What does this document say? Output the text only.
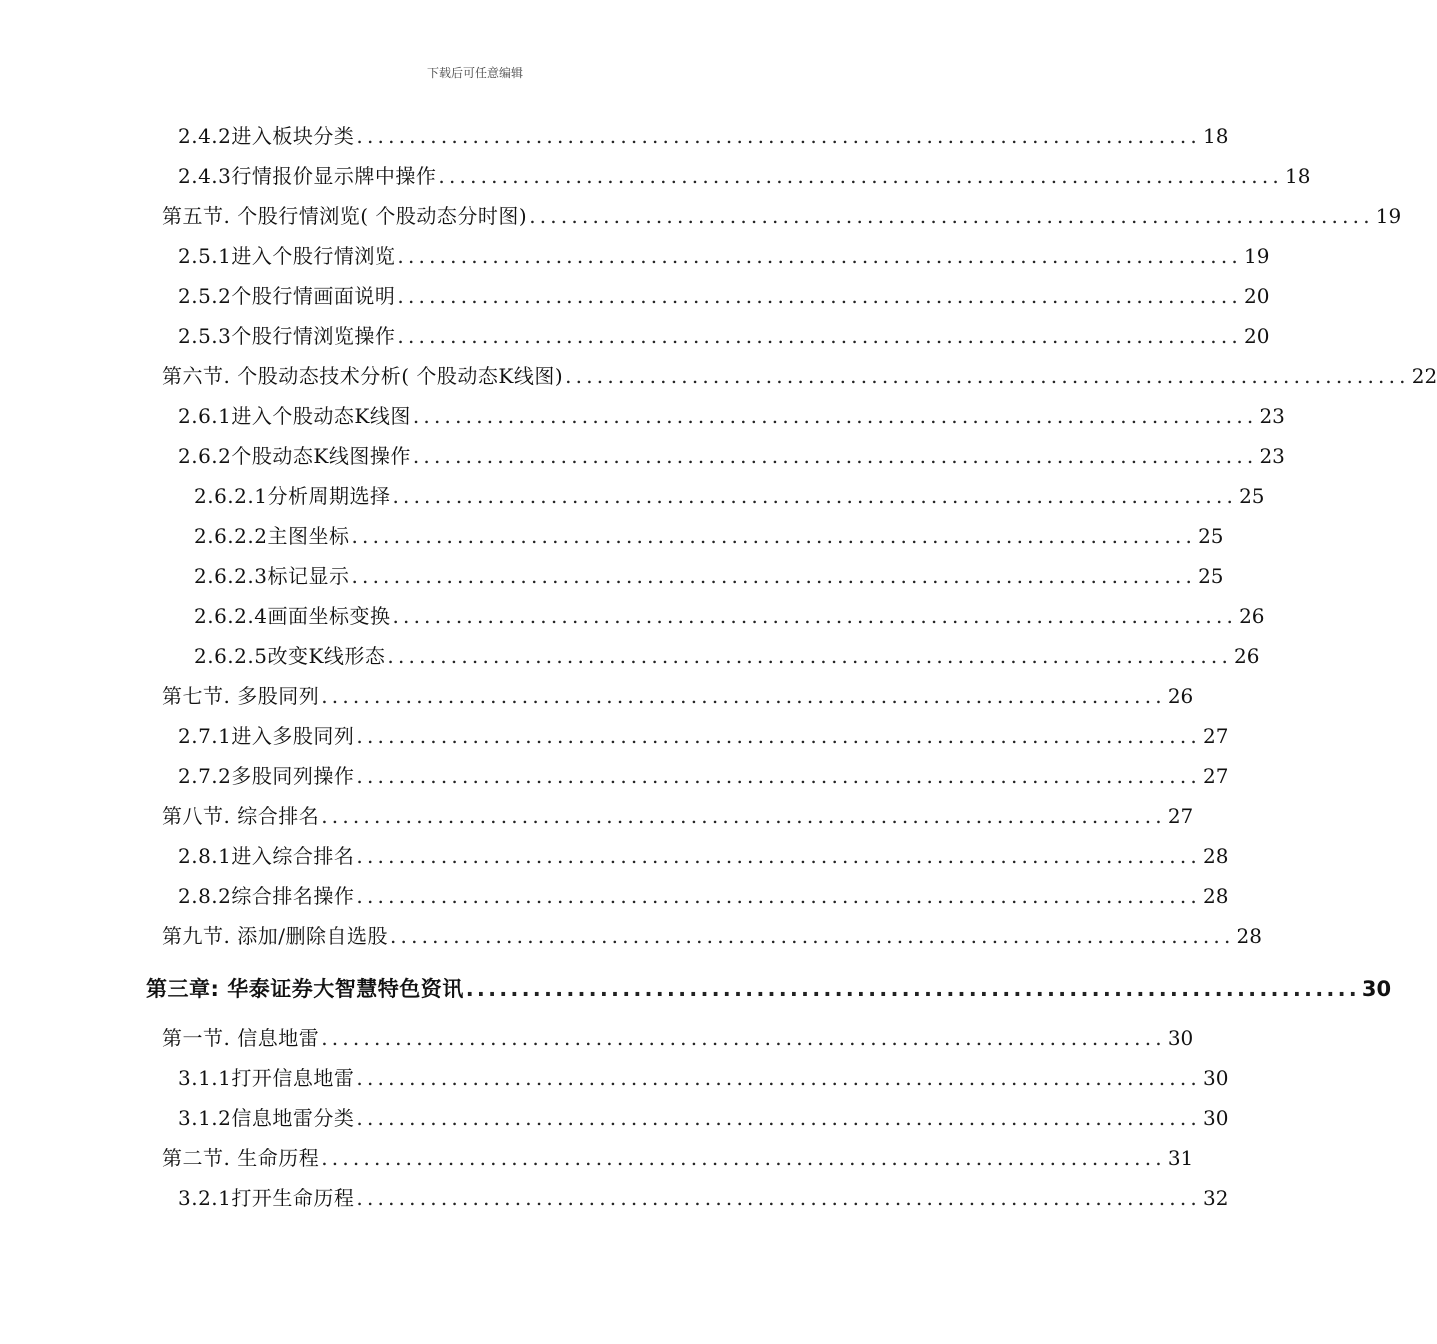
下载后可任意编辑
2.4.2进入板块分类 ................................................................................ 18
2.4.3行情报价显示牌中操作 ................................................................................ 18
第五节. 个股行情浏览( 个股动态分时图) ................................................................................ 19
2.5.1进入个股行情浏览 ................................................................................ 19
2.5.2个股行情画面说明 ................................................................................ 20
2.5.3个股行情浏览操作 ................................................................................ 20
第六节. 个股动态技术分析( 个股动态K线图) ................................................................................ 22
2.6.1进入个股动态K线图 ................................................................................ 23
2.6.2个股动态K线图操作 ................................................................................ 23
2.6.2.1分析周期选择 ................................................................................ 25
2.6.2.2主图坐标 ................................................................................ 25
2.6.2.3标记显示 ................................................................................ 25
2.6.2.4画面坐标变换 ................................................................................ 26
2.6.2.5改变K线形态 ................................................................................ 26
第七节. 多股同列 ................................................................................ 26
2.7.1进入多股同列 ................................................................................ 27
2.7.2多股同列操作 ................................................................................ 27
第八节. 综合排名 ................................................................................ 27
2.8.1进入综合排名 ................................................................................ 28
2.8.2综合排名操作 ................................................................................ 28
第九节. 添加/删除自选股 ................................................................................ 28
第三章: 华泰证券大智慧特色资讯 ................................................................................ 30
第一节. 信息地雷 ................................................................................ 30
3.1.1打开信息地雷 ................................................................................ 30
3.1.2信息地雷分类 ................................................................................ 30
第二节. 生命历程 ................................................................................ 31
3.2.1打开生命历程 ................................................................................ 32
